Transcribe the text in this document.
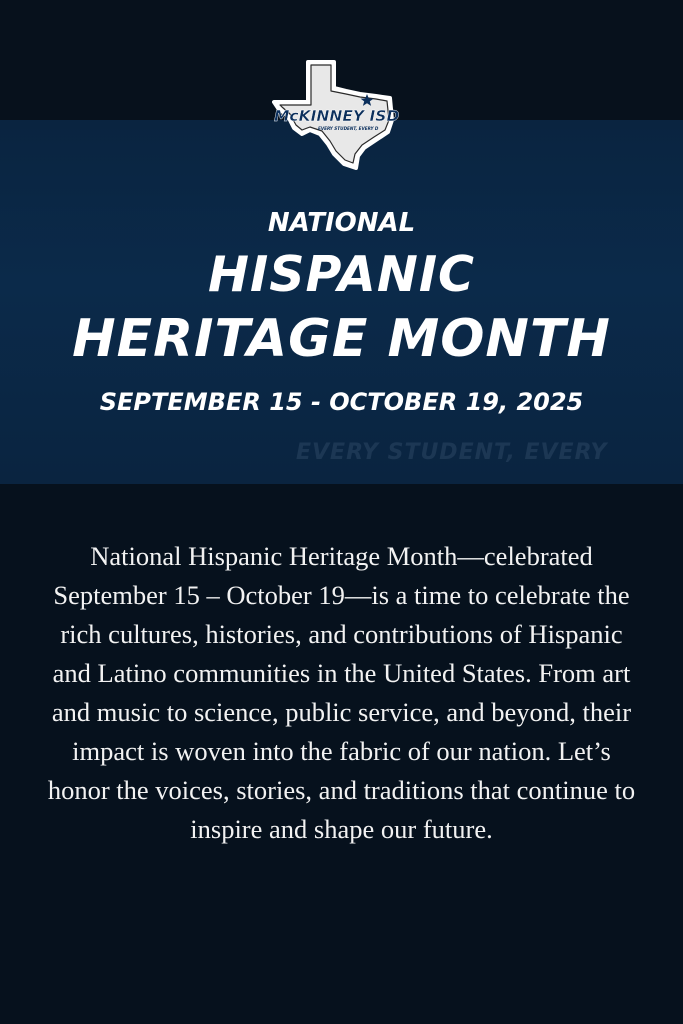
EVERY STUDENT, EVERY
McKINNEY ISD
EVERY STUDENT, EVERY D
NATIONAL
HISPANIC
HERITAGE MONTH
SEPTEMBER 15 - OCTOBER 19, 2025
National Hispanic Heritage Month—celebrated September 15 – October 19—is a time to celebrate the rich cultures, histories, and contributions of Hispanic and Latino communities in the United States. From art and music to science, public service, and beyond, their impact is woven into the fabric of our nation. Let’s honor the voices, stories, and traditions that continue to inspire and shape our future.
